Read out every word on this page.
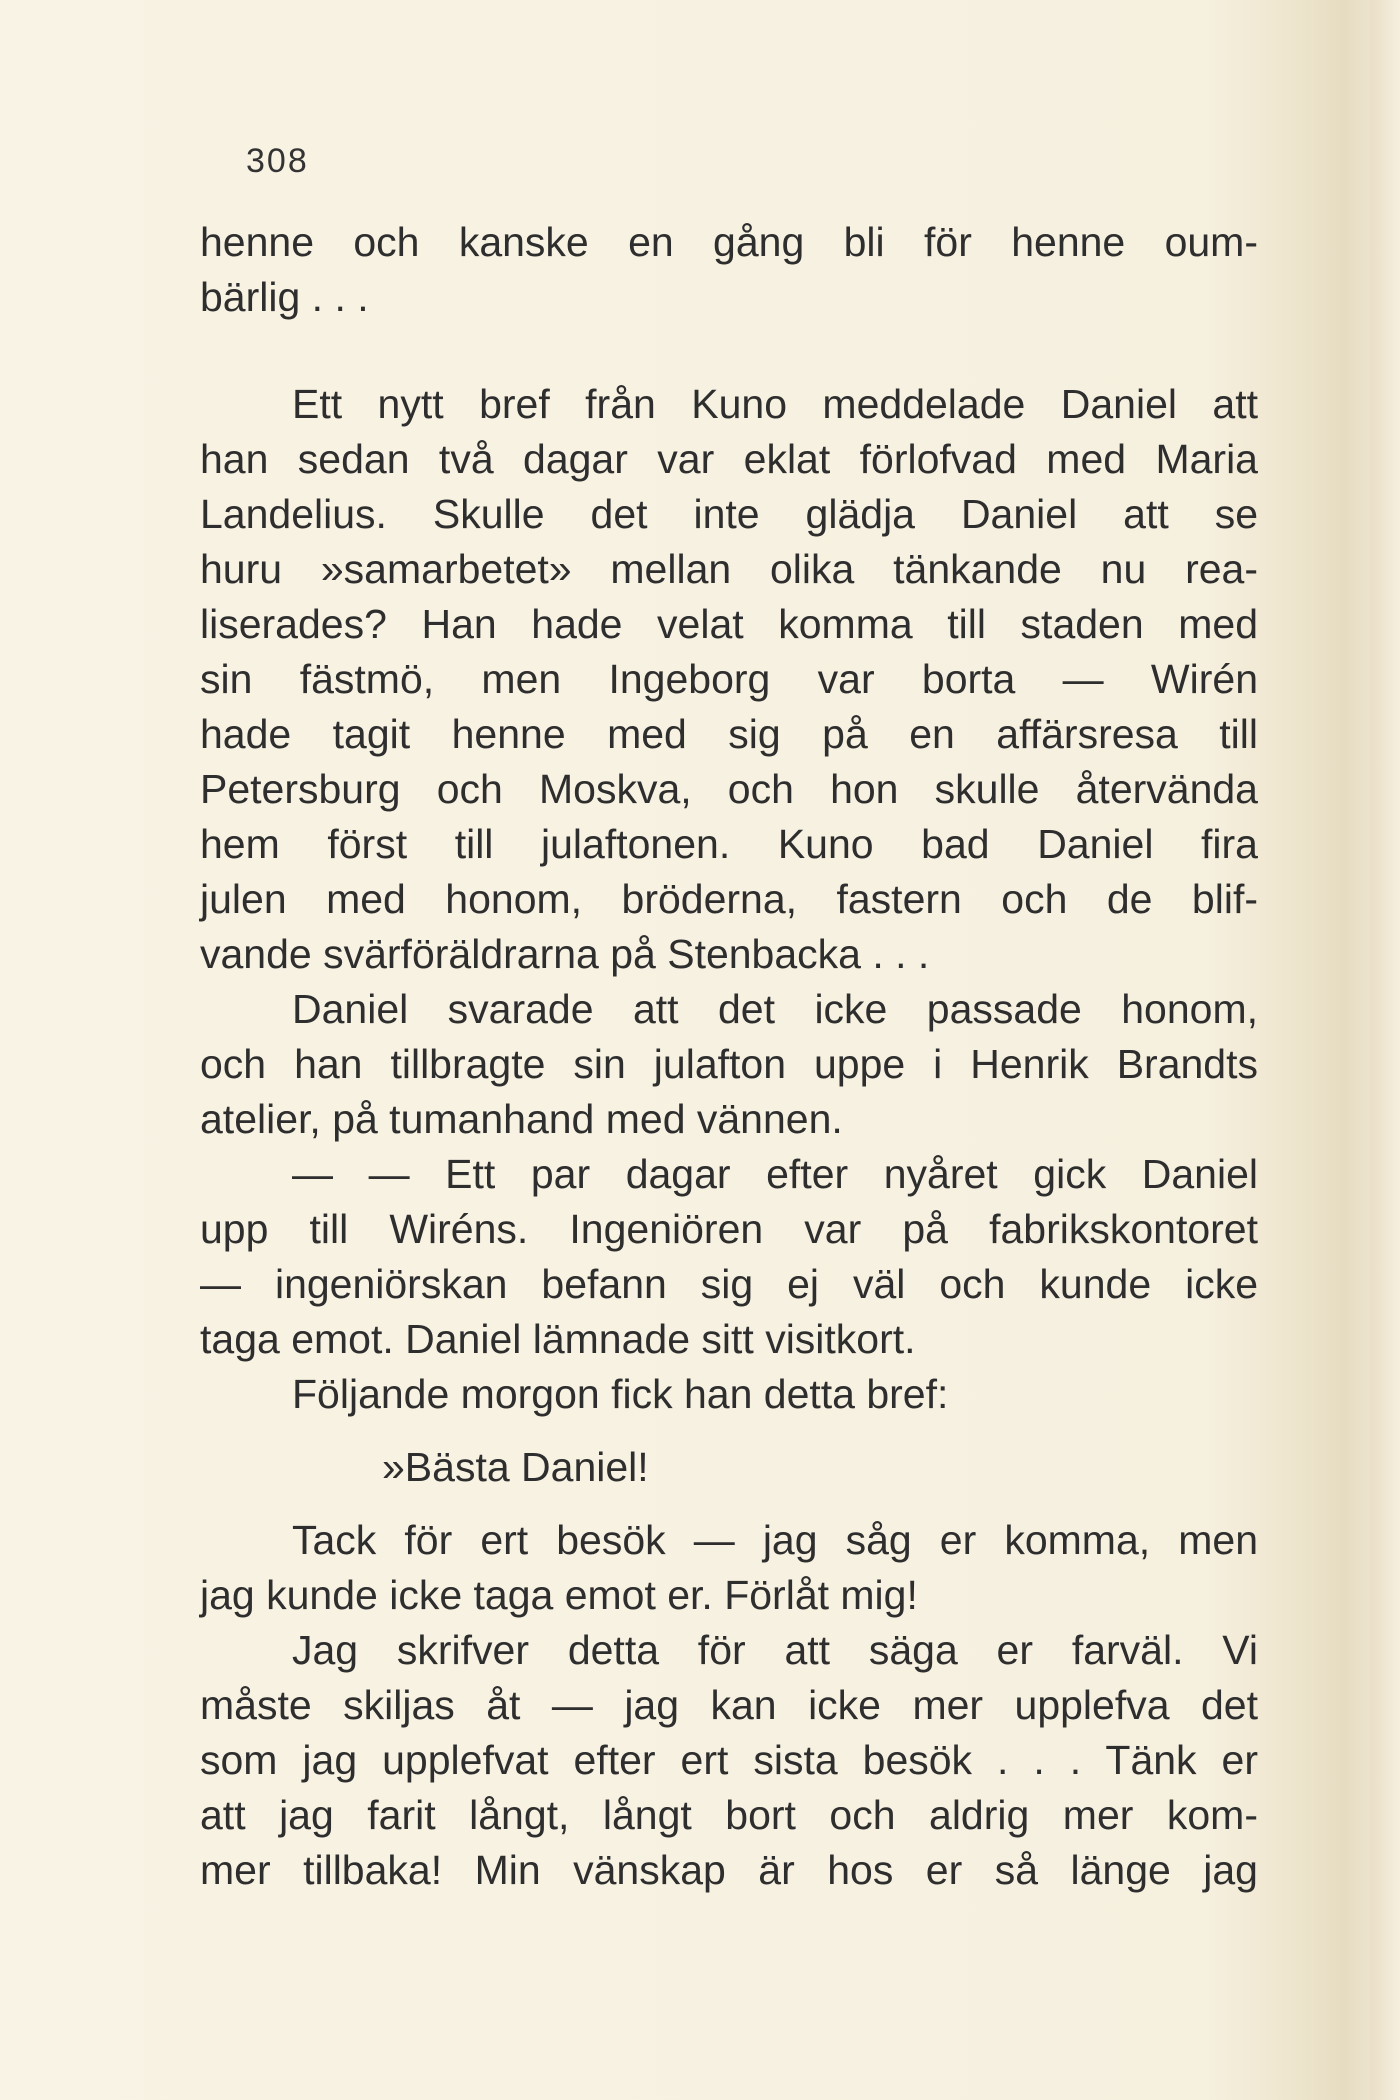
308
henne och kanske en gång bli för henne oum-
bärlig . . .
Ett nytt bref från Kuno meddelade Daniel att
han sedan två dagar var eklat förlofvad med Maria
Landelius. Skulle det inte glädja Daniel att se
huru »samarbetet» mellan olika tänkande nu rea-
liserades? Han hade velat komma till staden med
sin fästmö, men Ingeborg var borta — Wirén
hade tagit henne med sig på en affärsresa till
Petersburg och Moskva, och hon skulle återvända
hem först till julaftonen. Kuno bad Daniel fira
julen med honom, bröderna, fastern och de blif-
vande svärföräldrarna på Stenbacka . . .
Daniel svarade att det icke passade honom,
och han tillbragte sin julafton uppe i Henrik Brandts
atelier, på tumanhand med vännen.
— — Ett par dagar efter nyåret gick Daniel
upp till Wiréns. Ingeniören var på fabrikskontoret
— ingeniörskan befann sig ej väl och kunde icke
taga emot. Daniel lämnade sitt visitkort.
Följande morgon fick han detta bref:
»Bästa Daniel!
Tack för ert besök — jag såg er komma, men
jag kunde icke taga emot er. Förlåt mig!
Jag skrifver detta för att säga er farväl. Vi
måste skiljas åt — jag kan icke mer upplefva det
som jag upplefvat efter ert sista besök . . . Tänk er
att jag farit långt, långt bort och aldrig mer kom-
mer tillbaka! Min vänskap är hos er så länge jag
